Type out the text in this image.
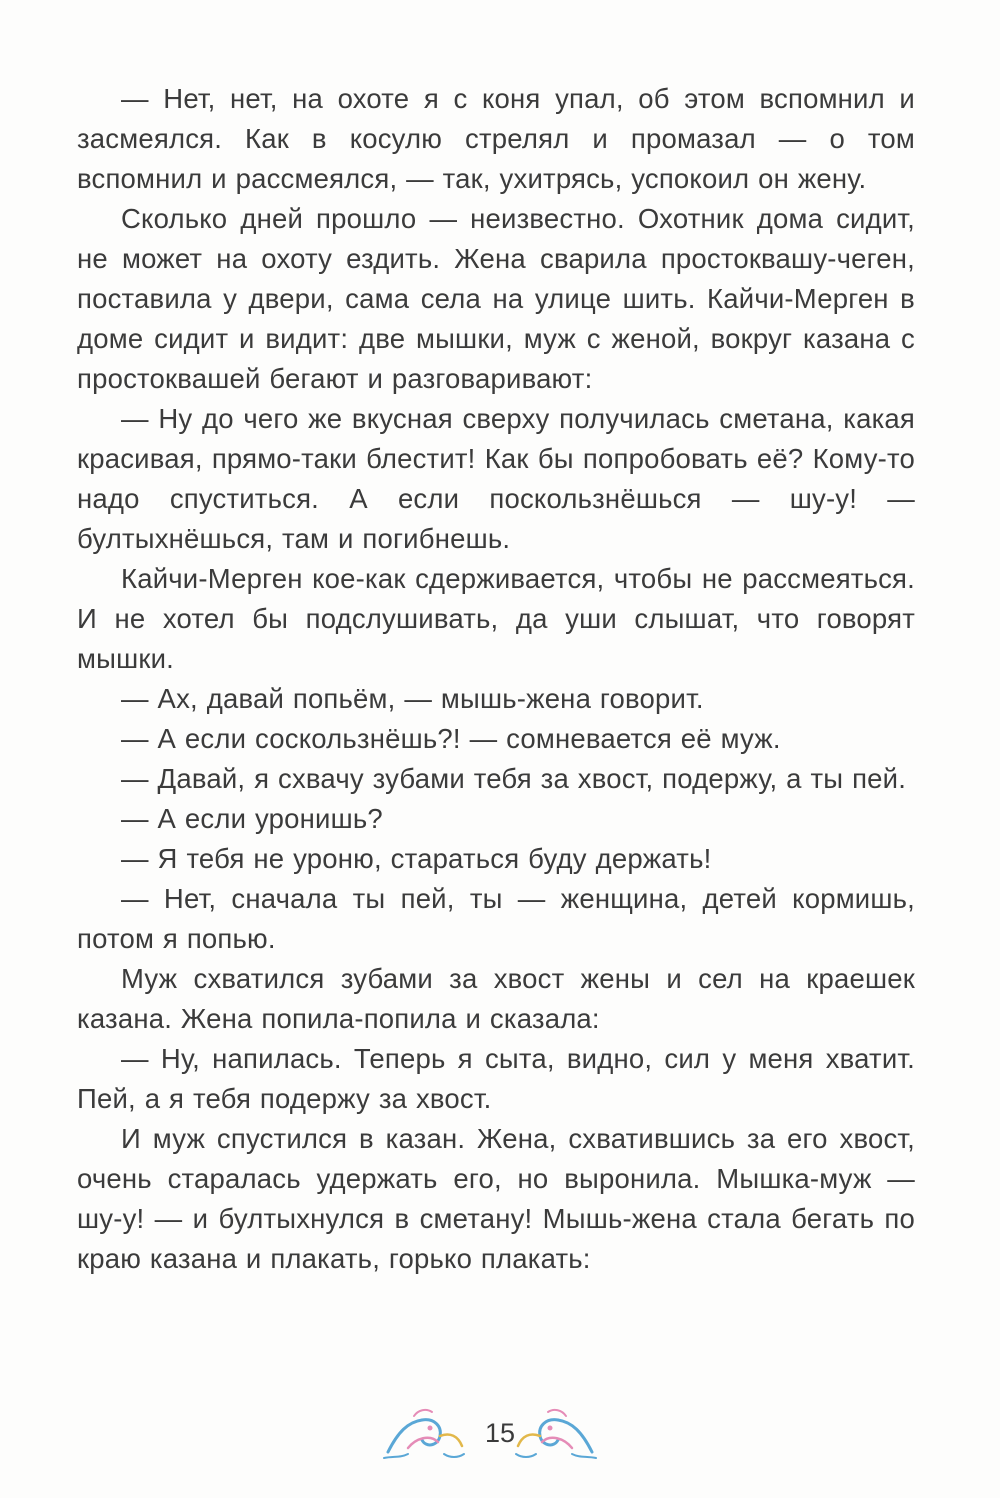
— Нет, нет, на охоте я с коня упал, об этом вспомнил и засмеялся. Как в косулю стрелял и промазал — о том вспомнил и рассмеялся, — так, ухитрясь, успокоил он жену.

Сколько дней прошло — неизвестно. Охотник дома сидит, не может на охоту ездить. Жена сварила простоквашу-чеген, поставила у двери, сама села на улице шить. Кайчи-Мерген в доме сидит и видит: две мышки, муж с женой, вокруг казана с простоквашей бегают и разговаривают:

— Ну до чего же вкусная сверху получилась сметана, какая красивая, прямо-таки блестит! Как бы попробовать её? Кому-то надо спуститься. А если поскользнёшься — шу-у! — бултыхнёшься, там и погибнешь.

Кайчи-Мерген кое-как сдерживается, чтобы не рассмеяться. И не хотел бы подслушивать, да уши слышат, что говорят мышки.

— Ах, давай попьём, — мышь-жена говорит.

— А если соскользнёшь?! — сомневается её муж.

— Давай, я схвачу зубами тебя за хвост, подержу, а ты пей.

— А если уронишь?

— Я тебя не уроню, стараться буду держать!

— Нет, сначала ты пей, ты — женщина, детей кормишь, потом я попью.

Муж схватился зубами за хвост жены и сел на краешек казана. Жена попила-попила и сказала:

— Ну, напилась. Теперь я сыта, видно, сил у меня хватит. Пей, а я тебя подержу за хвост.

И муж спустился в казан. Жена, схватившись за его хвост, очень старалась удержать его, но выронила. Мышка-муж — шу-у! — и бултыхнулся в сметану! Мышь-жена стала бегать по краю казана и плакать, горько плакать:

15
